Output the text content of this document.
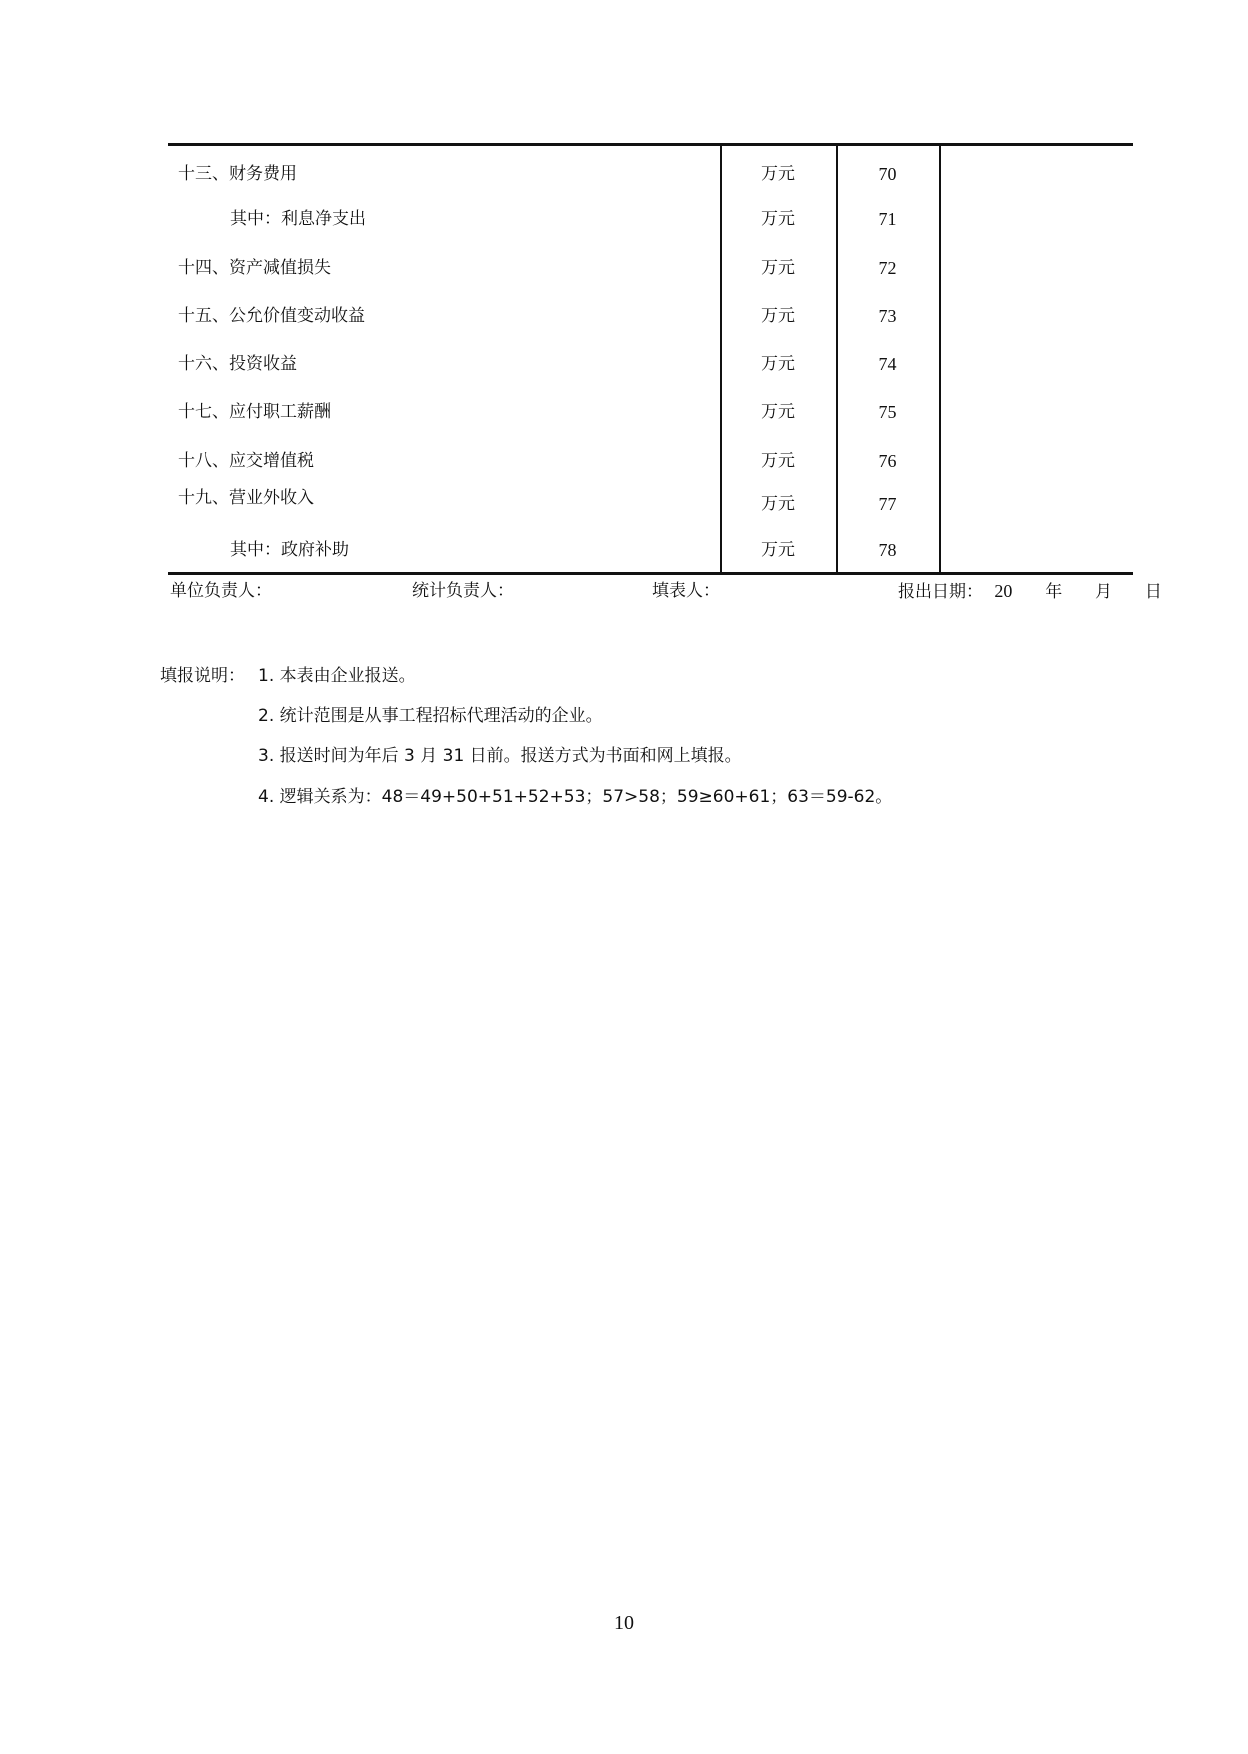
十三、财务费用	万元	70
其中：利息净支出	万元	71
十四、资产减值损失	万元	72
十五、公允价值变动收益	万元	73
十六、投资收益	万元	74
十七、应付职工薪酬	万元	75
十八、应交增值税	万元	76
十九、营业外收入	万元	77
其中：政府补助	万元	78
单位负责人：	统计负责人：	填表人：	报出日期： 20 年 月 日
填报说明： 1. 本表由企业报送。
2. 统计范围是从事工程招标代理活动的企业。
3. 报送时间为年后 3 月 31 日前。报送方式为书面和网上填报。
4. 逻辑关系为：48＝49+50+51+52+53；57>58；59≥60+61；63＝59-62。
10
